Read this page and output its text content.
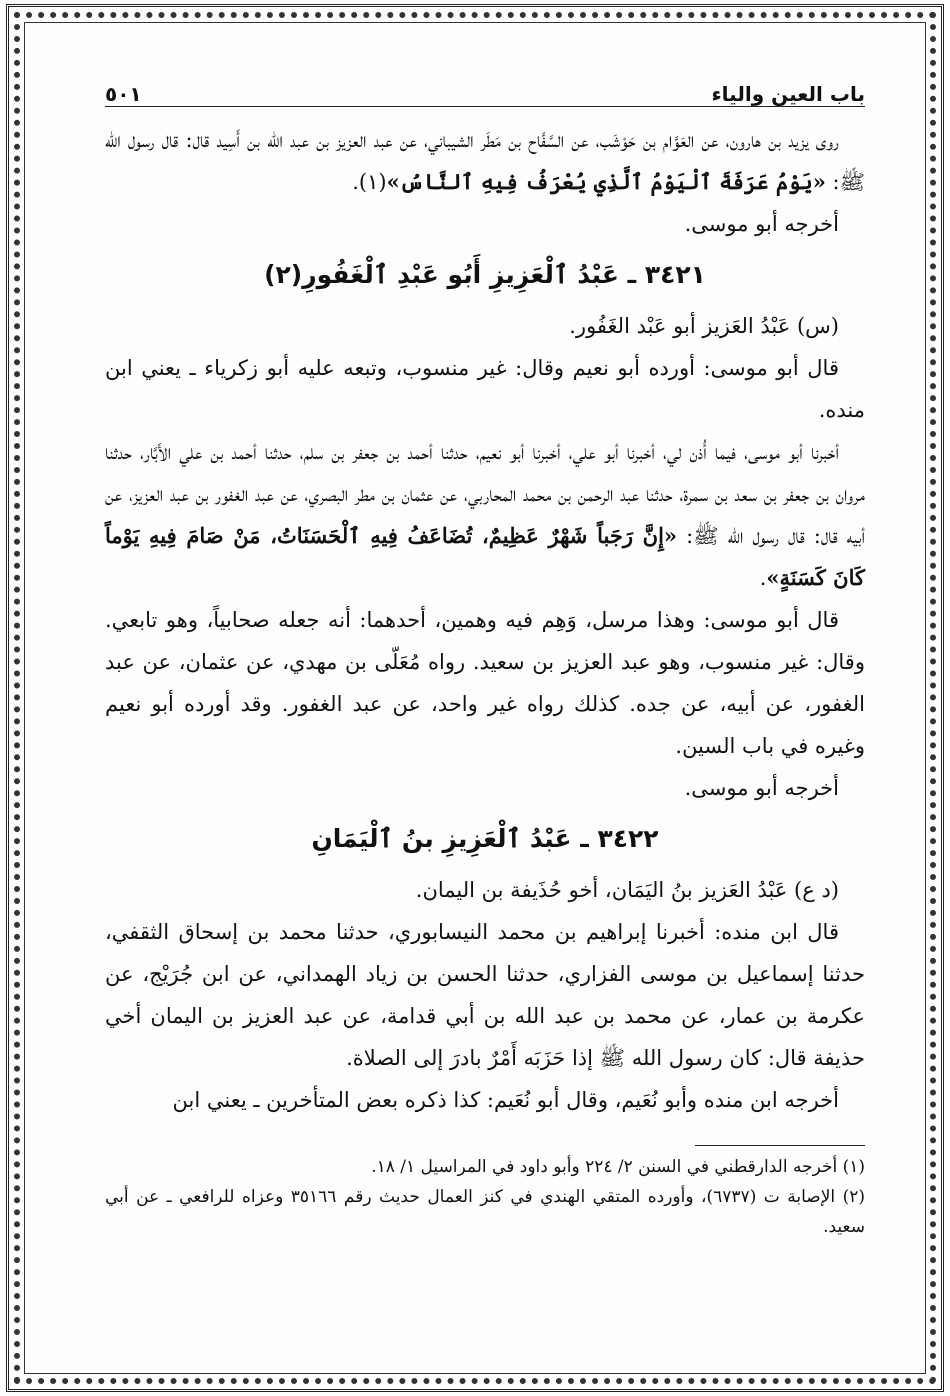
باب العين والياء
٥٠١

روى يزيد بن هارون، عن العَوَّام بن حَوْشَب، عن السَّفَّاح بن مَطَر الشيباني، عن عبد العزيز بن عبد الله بن أَسِيد قال: قال رسول الله ﷺ: «يَوْمُ عَرَفَةَ ٱلْيَوْمُ ٱلَّذِي يُعْرَفُ فِيهِ ٱلنَّاسُ»(١).

أخرجه أبو موسى.

٣٤٢١ ـ عَبْدُ ٱلْعَزِيزِ أَبُو عَبْدِ ٱلْغَفُورِ(٢)

(س) عَبْدُ العَزيز أبو عَبْد الغَفُور.

قال أبو موسى: أورده أبو نعيم وقال: غير منسوب، وتبعه عليه أبو زكرياء ـ يعني ابن منده.

أخبرنا أبو موسى، فيما أُذن لي، أخبرنا أبو علي، أخبرنا أبو نعيم، حدثنا أحمد بن جعفر بن سلم، حدثنا أحمد بن علي الأَبَّار، حدثنا مروان بن جعفر بن سعد بن سمرة، حدثنا عبد الرحمن بن محمد المحاربي، عن عثمان بن مطر البصري، عن عبد الغفور بن عبد العزيز، عن أبيه قال: قال رسول الله ﷺ: «إِنَّ رَجَباً شَهْرٌ عَظِيمٌ، تُضَاعَفُ فِيهِ ٱلْحَسَنَاتُ، مَنْ صَامَ فِيهِ يَوْماً كَانَ كَسَنَةٍ».

قال أبو موسى: وهذا مرسل، وَهِم فيه وهمين، أحدهما: أنه جعله صحابياً، وهو تابعي. وقال: غير منسوب، وهو عبد العزيز بن سعيد. رواه مُعَلّى بن مهدي، عن عثمان، عن عبد الغفور، عن أبيه، عن جده. كذلك رواه غير واحد، عن عبد الغفور. وقد أورده أبو نعيم وغيره في باب السين.

أخرجه أبو موسى.

٣٤٢٢ ـ عَبْدُ ٱلْعَزِيزِ بنُ ٱلْيَمَانِ

(د ع) عَبْدُ العَزيز بنُ اليَمَان، أخو حُذَيفة بن اليمان.

قال ابن منده: أخبرنا إبراهيم بن محمد النيسابوري، حدثنا محمد بن إسحاق الثقفي، حدثنا إسماعيل بن موسى الفزاري، حدثنا الحسن بن زياد الهمداني، عن ابن جُرَيْج، عن عكرمة بن عمار، عن محمد بن عبد الله بن أبي قدامة، عن عبد العزيز بن اليمان أخي حذيفة قال: كان رسول الله ﷺ إذا حَزَبَه أَمْرٌ بادرَ إلى الصلاة.

أخرجه ابن منده وأبو نُعَيم، وقال أبو نُعَيم: كذا ذكره بعض المتأخرين ـ يعني ابن

(١) أخرجه الدارقطني في السنن ٢/ ٢٢٤ وأبو داود في المراسيل ١/ ١٨.

(٢) الإصابة ت (٦٧٣٧)، وأورده المتقي الهندي في كنز العمال حديث رقم ٣٥١٦٦ وعزاه للرافعي ـ عن أبي سعيد.
